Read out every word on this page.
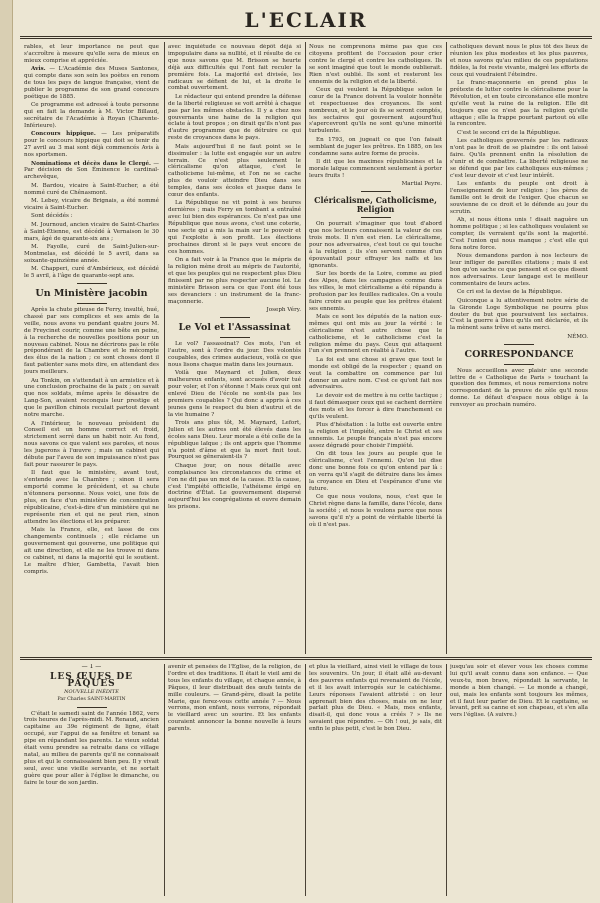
L'ECLAIR

rables, et leur importance ne peut que s'accroître à mesure qu'elle sera de mieux en mieux comprise et appréciée.

Avis. — L'Académie des Muses Santones, qui compte dans son sein les poètes en renom de tous les pays de langue française, vient de publier le programme de son grand concours poétique de 1885.

Ce programme est adressé à toute personne qui en fait la demande à M. Victor Billaud, secrétaire de l'Académie à Royan (Charente-Inférieure).

Concours hippique. — Les préparatifs pour le concours hippique qui doit se tenir du 27 avril au 3 mai sont déjà commencés Avis à nos sportsmen.

Nominations et décès dans le Clergé. — Par décision de Son Éminence le cardinal-archevêque,

M. Bardou, vicaire à Saint-Eucher, a été nommé curé de Chênasmont.

M. Lebey, vicaire de Brignais, a été nommé vicaire à Saint-Eucher.

Sont décédés :

M. Journoud, ancien vicaire de Saint-Charles à Saint-Étienne, est décédé à Vernaison le 30 mars, âgé de quarante-six ans ;

M. Fayolle, curé de Saint-Julien-sur-Montmelas, est décédé le 5 avril, dans sa soixante-quinzième année.

M. Chapperi, curé d'Ambérieux, est décédé le 5 avril, à l'âge de quarante-sept ans.

Un Ministère jacobin

Après la chute piteuse de Ferry, insulté, hué, chassé par ses complices et ses amis de la veille, nous avons vu pendant quatre jours M. de Freycinet courir, comme une bête en peine, à la recherche de nouvelles positions pour un nouveau cabinet. Nous ne décrirons pas le rôle prépondérant de la Chambre et le mécompte des élus de la nation ; ce sont choses dont il faut patienter sans mots dire, en attendant des jours meilleurs.

Au Tonkin, on s'attendait à un armistice et à une conclusion prochaine de la paix ; on savait que nos soldats, même après le désastre de Lang-Son, avaient reconquis leur prestige et que le pavillon chinois reculait partout devant notre marche.

A l'intérieur, le nouveau président du Conseil est un homme correct et froid, strictement serré dans un habit noir. Au fond, nous savons ce que valent ses paroles, et nous les jugerons à l'œuvre ; mais un cabinet qui débute par l'aveu de son impuissance n'est pas fait pour rassurer le pays.

Il faut que le ministère, avant tout, s'entende avec la Chambre ; sinon il sera emporté comme le précédent, et sa chute n'étonnera personne. Nous voici, une fois de plus, en face d'un ministère de concentration républicaine, c'est-à-dire d'un ministère qui ne représente rien et qui ne peut rien, sinon attendre les élections et les préparer.

Mais la France, elle, est lasse de ces changements continuels ; elle réclame un gouvernement qui gouverne, une politique qui ait une direction, et elle ne les trouve ni dans ce cabinet, ni dans la majorité qui le soutient. Le maître d'hier, Gambetta, l'avait bien compris.

avec inquiétude ce nouveau dépôt déjà si impopulaire dans sa nullité, et il résulte de ce que nous savons que M. Brisson se heurte déjà aux difficultés qui l'ont fait reculer la première fois. La majorité est divisée, les radicaux se défient de lui, et la droite le combat ouvertement.

Le rédacteur qui entend prendre la défense de la liberté religieuse se voit arrêté à chaque pas par les mêmes obstacles. Il y a chez nos gouvernants une haine de la religion qui éclate à tout propos ; on dirait qu'ils n'ont pas d'autre programme que de détruire ce qui reste de croyances dans le pays.

Mais aujourd'hui il ne faut point se le dissimuler : la lutte est engagée sur un autre terrain. Ce n'est plus seulement le cléricalisme qu'on attaque, c'est le catholicisme lui-même, et l'on ne se cache plus de vouloir atteindre Dieu dans ses temples, dans ses écoles et jusque dans le cœur des enfants.

La République ne vit point à ses heures dernières ; mais Ferry en tombant a entraîné avec lui bien des espérances. Ce n'est pas une République que nous avons, c'est une coterie, une secte qui a mis la main sur le pouvoir et qui l'exploite à son profit. Les élections prochaines diront si le pays veut encore de ces hommes.

On a fait voir à la France que le mépris de la religion mène droit au mépris de l'autorité, et que les peuples qui ne respectent plus Dieu finissent par ne plus respecter aucune loi. Le ministère Brisson sera ce que l'ont été tous ses devanciers : un instrument de la franc-maçonnerie.

Joseph Véry.
Le Vol et l'Assassinat

Le vol? l'assassinat? Ces mots, l'un et l'autre, sont à l'ordre du jour. Des volontés coupables, des crimes audacieux, voilà ce que nous lisons chaque matin dans les journaux.

Voilà que Maynard et Julien, deux malheureux enfants, sont accusés d'avoir tué pour voler, et l'on s'étonne ! Mais ceux qui ont enlevé Dieu de l'école ne sont-ils pas les premiers coupables ? Qui donc a appris à ces jeunes gens le respect du bien d'autrui et de la vie humaine ?

Trois ans plus tôt, M. Maynard, Lefort, Julien et les autres ont été élevés dans les écoles sans Dieu. Leur morale a été celle de la république laïque ; ils ont appris que l'homme n'a point d'âme et que la mort finit tout. Pourquoi se gêneraient-ils ?

Chaque jour, on nous détaille avec complaisance les circonstances du crime et l'on ne dit pas un mot de la cause. Et la cause, c'est l'impiété officielle, l'athéisme érigé en doctrine d'État. Le gouvernement dispersé aujourd'hui les congrégations et ouvre demain les prisons.

Nous ne comprenons même pas que ces citoyens profitent de l'occasion pour crier contre le clergé et contre les catholiques. Ils se sont imaginé que tout le monde oublierait. Rien n'est oublié. Ils sont et resteront les ennemis de la religion et de la liberté.

Ceux qui veulent la République selon le cœur de la France doivent la vouloir honnête et respectueuse des croyances. Ils sont nombreux, et le jour où ils se seront comptés, les sectaires qui gouvernent aujourd'hui s'apercevront qu'ils ne sont qu'une minorité turbulente.

En 1793, on jugeait ce que l'on faisait semblant de juger les prêtres. En 1885, on les condamne sans autre forme de procès.

Il dit que les maximes républicaines et la morale laïque commencent seulement à porter leurs fruits !

Martial Peyre.
Cléricalisme, Catholicisme, Religion

On pourrait s'imaginer que tout d'abord que nos lecteurs connaissent la valeur de ces trois mots. Il n'en est rien. Le cléricalisme, pour nos adversaires, c'est tout ce qui touche à la religion ; ils s'en servent comme d'un épouvantail pour effrayer les naïfs et les ignorants.

Sur les bords de la Loire, comme au pied des Alpes, dans les campagnes comme dans les villes, le mot cléricalisme a été répandu à profusion par les feuilles radicales. On a voulu faire croire au peuple que les prêtres étaient ses ennemis.

Mais ce sont les députés de la nation eux-mêmes qui ont mis au jour la vérité : le cléricalisme n'est autre chose que le catholicisme, et le catholicisme c'est la religion même du pays. Ceux qui attaquent l'un s'en prennent en réalité à l'autre.

La foi est une chose si grave que tout le monde est obligé de la respecter ; quand on veut la combattre on commence par lui donner un autre nom. C'est ce qu'ont fait nos adversaires.

Le devoir est de mettre à nu cette tactique ; il faut démasquer ceux qui se cachent derrière des mots et les forcer à dire franchement ce qu'ils veulent.

Plus d'hésitation : la lutte est ouverte entre la religion et l'impiété, entre le Christ et ses ennemis. Le peuple français n'est pas encore assez dégradé pour choisir l'impiété.

On dit tous les jours au peuple que le cléricalisme, c'est l'ennemi. Qu'on lui dise donc une bonne fois ce qu'on entend par là : on verra qu'il s'agit de détruire dans les âmes la croyance en Dieu et l'espérance d'une vie future.

Ce que nous voulons, nous, c'est que le Christ règne dans la famille, dans l'école, dans la société ; et nous le voulons parce que nous savons qu'il n'y a point de véritable liberté là où il n'est pas.

catholiques devant nous le plus tôt des lieux de réunion les plus modestes et les plus pauvres, et nous savons qu'au milieu de ces populations fidèles, la foi reste vivante, malgré les efforts de ceux qui voudraient l'éteindre.

Le franc-maçonnerie en prend plus le prétexte de lutter contre le cléricalisme pour la Révolution, et en toute circonstance elle montre qu'elle veut la ruine de la religion. Elle dit toujours que ce n'est pas la religion qu'elle attaque ; elle la frappe pourtant partout où elle la rencontre.

C'est le second cri de la République.

Les catholiques gouvernés par les radicaux n'ont pas le droit de se plaindre : ils ont laissé faire. Qu'ils prennent enfin la résolution de s'unir et de combattre. La liberté religieuse ne se défend que par les catholiques eux-mêmes ; c'est leur devoir et c'est leur intérêt.

Les enfants du peuple ont droit à l'enseignement de leur religion ; les pères de famille ont le droit de l'exiger. Que chacun se souvienne de ce droit et le défende au jour du scrutin.

Ah, si nous étions unis ! disait naguère un homme politique ; si les catholiques voulaient se compter, ils verraient qu'ils sont la majorité. C'est l'union qui nous manque ; c'est elle qui fera notre force.

Nous demandons pardon à nos lecteurs de leur infliger de pareilles citations ; mais il est bon qu'on sache ce que pensent et ce que disent nos adversaires. Leur langage est le meilleur commentaire de leurs actes.

Ce cri est la devise de la République.

Quiconque a lu attentivement notre série de la Gironde Loge Symbolique ne pourra plus douter du but que poursuivent les sectaires. C'est la guerre à Dieu qu'ils ont déclarée, et ils la mènent sans trêve et sans merci.

NÉMO.
CORRESPONDANCE

Nous accueillons avec plaisir une seconde lettre de « Catholique de Paris » touchant la question des femmes, et nous remercions notre correspondant de la preuve de zèle qu'il nous donne. Le défaut d'espace nous oblige à la renvoyer au prochain numéro.

— 1 —
LES ŒUFS DE PÂQUES
NOUVELLE INÉDITE
Par Charles SAINT-MARTIN

C'était le samedi saint de l'année 1862, vers trois heures de l'après-midi. M. Renaud, ancien capitaine au 39e régiment de ligne, était occupé, sur l'appui de sa fenêtre et tenant sa pipe en répandant les parents. Le vieux soldat était venu prendre sa retraite dans ce village natal, au milieu de parents qu'il ne connaissait plus et qui le connaissaient bien peu. Il y vivait seul, avec une vieille servante, et ne sortait guère que pour aller à l'église le dimanche, ou faire le tour de son jardin.

avenir et pensées de l'Église, de la religion, de l'ordre et des traditions. Il était le vieil ami de tous les enfants du village, et chaque année, à Pâques, il leur distribuait des œufs teints de mille couleurs. — Grand-père, disait la petite Marie, que ferez-vous cette année ? — Nous verrons, mon enfant, nous verrons, répondait le vieillard avec un sourire. Et les enfants couraient annoncer la bonne nouvelle à leurs parents.

et plus la vieillard, ainsi vieil le village de tous les souvenirs. Un jour, il était allé au-devant des pauvres enfants qui revenaient de l'école, et il les avait interrogés sur le catéchisme. Leurs réponses l'avaient attristé : on leur apprenait bien des choses, mais on ne leur parlait plus de Dieu. « Mais, mes enfants, disait-il, qui donc vous a créés ? » Ils ne savaient que répondre. — Oh ! oui, je sais, dit enfin le plus petit, c'est le bon Dieu.

jusqu'au soir et élever vous les choses comme lui qu'il avait connu dans son enfance. — Que veux-tu, mon brave, répondait la servante, le monde a bien changé. — Le monde a changé, oui, mais les enfants sont toujours les mêmes, et il faut leur parler de Dieu. Et le capitaine, se levant, prit sa canne et son chapeau, et s'en alla vers l'église. (A suivre.)
